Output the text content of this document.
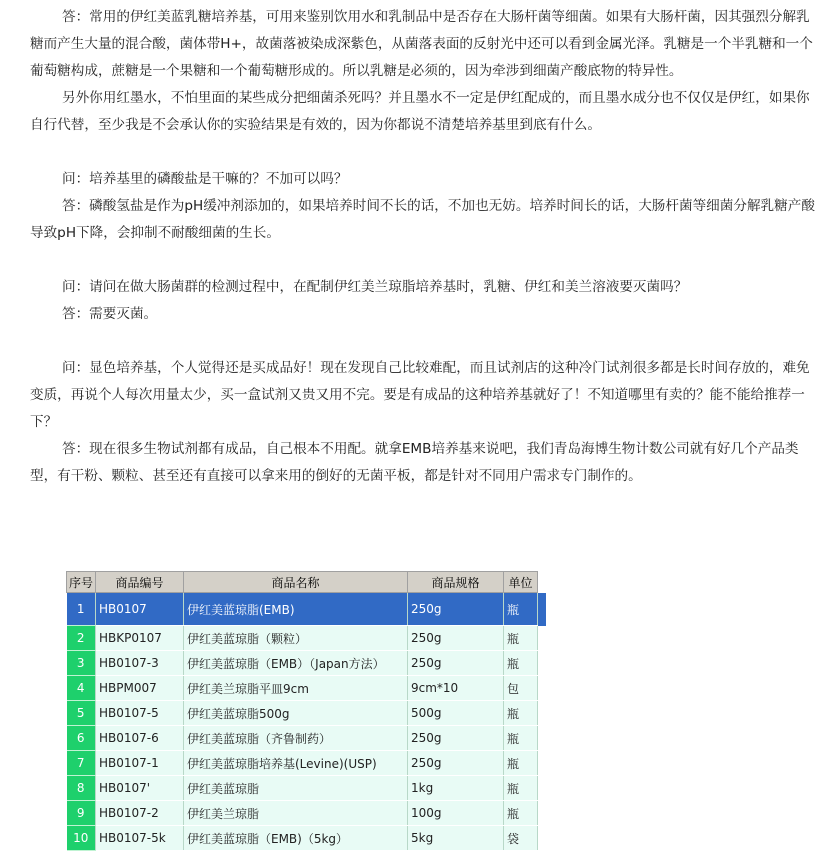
答：常用的伊红美蓝乳糖培养基，可用来鉴别饮用水和乳制品中是否存在大肠杆菌等细菌。如果有大肠杆菌，因其强烈分解乳糖而产生大量的混合酸，菌体带H+，故菌落被染成深紫色，从菌落表面的反射光中还可以看到金属光泽。乳糖是一个半乳糖和一个葡萄糖构成，蔗糖是一个果糖和一个葡萄糖形成的。所以乳糖是必须的，因为牵涉到细菌产酸底物的特异性。

另外你用红墨水，不怕里面的某些成分把细菌杀死吗？并且墨水不一定是伊红配成的，而且墨水成分也不仅仅是伊红，如果你自行代替，至少我是不会承认你的实验结果是有效的，因为你都说不清楚培养基里到底有什么。

问：培养基里的磷酸盐是干嘛的？不加可以吗？

答：磷酸氢盐是作为pH缓冲剂添加的，如果培养时间不长的话，不加也无妨。培养时间长的话，大肠杆菌等细菌分解乳糖产酸导致pH下降，会抑制不耐酸细菌的生长。

问：请问在做大肠菌群的检测过程中，在配制伊红美兰琼脂培养基时，乳糖、伊红和美兰溶液要灭菌吗？

答：需要灭菌。

问：显色培养基，个人觉得还是买成品好！现在发现自己比较难配，而且试剂店的这种冷门试剂很多都是长时间存放的，难免变质，再说个人每次用量太少，买一盒试剂又贵又用不完。要是有成品的这种培养基就好了！不知道哪里有卖的？能不能给推荐一下？

答：现在很多生物试剂都有成品，自己根本不用配。就拿EMB培养基来说吧，我们青岛海博生物计数公司就有好几个产品类型，有干粉、颗粒、甚至还有直接可以拿来用的倒好的无菌平板，都是针对不同用户需求专门制作的。

序号	商品编号	商品名称	商品规格	单位	
1	HB0107	伊红美蓝琼脂(EMB)	250g	瓶	
2	HBKP0107	伊红美蓝琼脂（颗粒）	250g	瓶	
3	HB0107-3	伊红美蓝琼脂（EMB）（Japan方法）	250g	瓶	
4	HBPM007	伊红美兰琼脂平皿9cm	9cm*10	包	
5	HB0107-5	伊红美蓝琼脂500g	500g	瓶	
6	HB0107-6	伊红美蓝琼脂（齐鲁制药）	250g	瓶	
7	HB0107-1	伊红美蓝琼脂培养基(Levine)(USP)	250g	瓶	
8	HB0107'	伊红美蓝琼脂	1kg	瓶	
9	HB0107-2	伊红美兰琼脂	100g	瓶	
10	HB0107-5k	伊红美蓝琼脂（EMB)（5kg）	5kg	袋	
